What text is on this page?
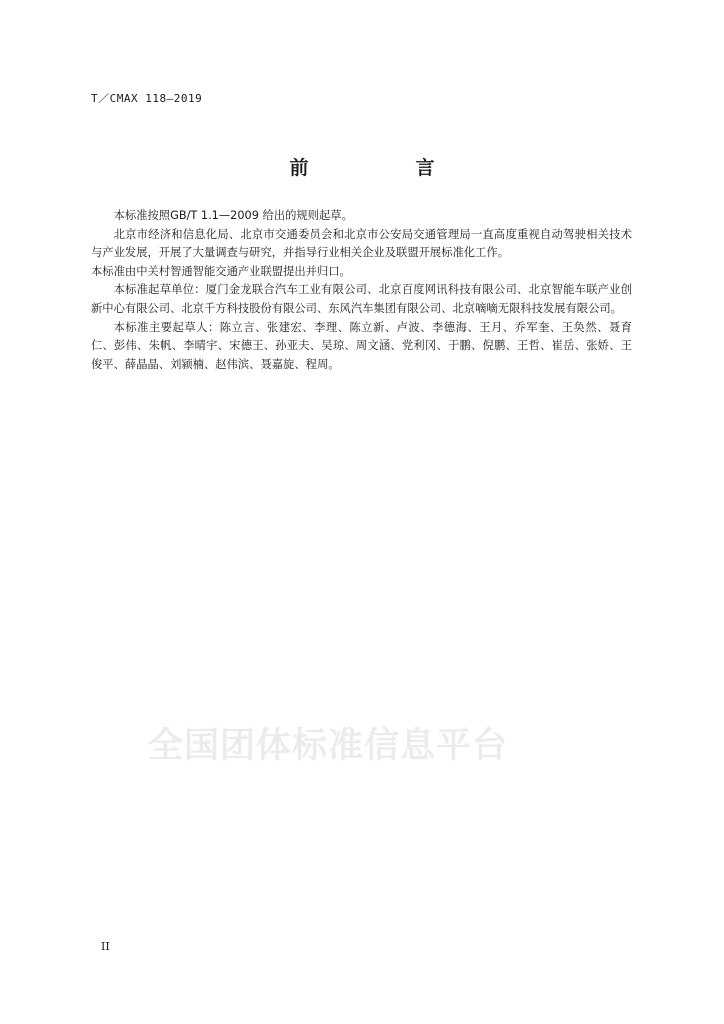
T／CMAX 118—2019
前　言

本标准按照GB/T 1.1—2009 给出的规则起草。

北京市经济和信息化局、北京市交通委员会和北京市公安局交通管理局一直高度重视自动驾驶相关技术与产业发展，开展了大量调查与研究，并指导行业相关企业及联盟开展标准化工作。

本标准由中关村智通智能交通产业联盟提出并归口。

本标准起草单位：厦门金龙联合汽车工业有限公司、北京百度网讯科技有限公司、北京智能车联产业创新中心有限公司、北京千方科技股份有限公司、东风汽车集团有限公司、北京嘀嘀无限科技发展有限公司。

本标准主要起草人：陈立言、张建宏、李理、陈立新、卢波、李德海、王月、乔军奎、王奂然、聂育仁、彭伟、朱帆、李晴宇、宋德王、孙亚夫、吴琼、周文涵、党利冈、于鹏、倪鹏、王哲、崔岳、张娇、王俊平、薛晶晶、刘颍楠、赵伟滨、聂嘉旋、程周。

全国团体标准信息平台
II
